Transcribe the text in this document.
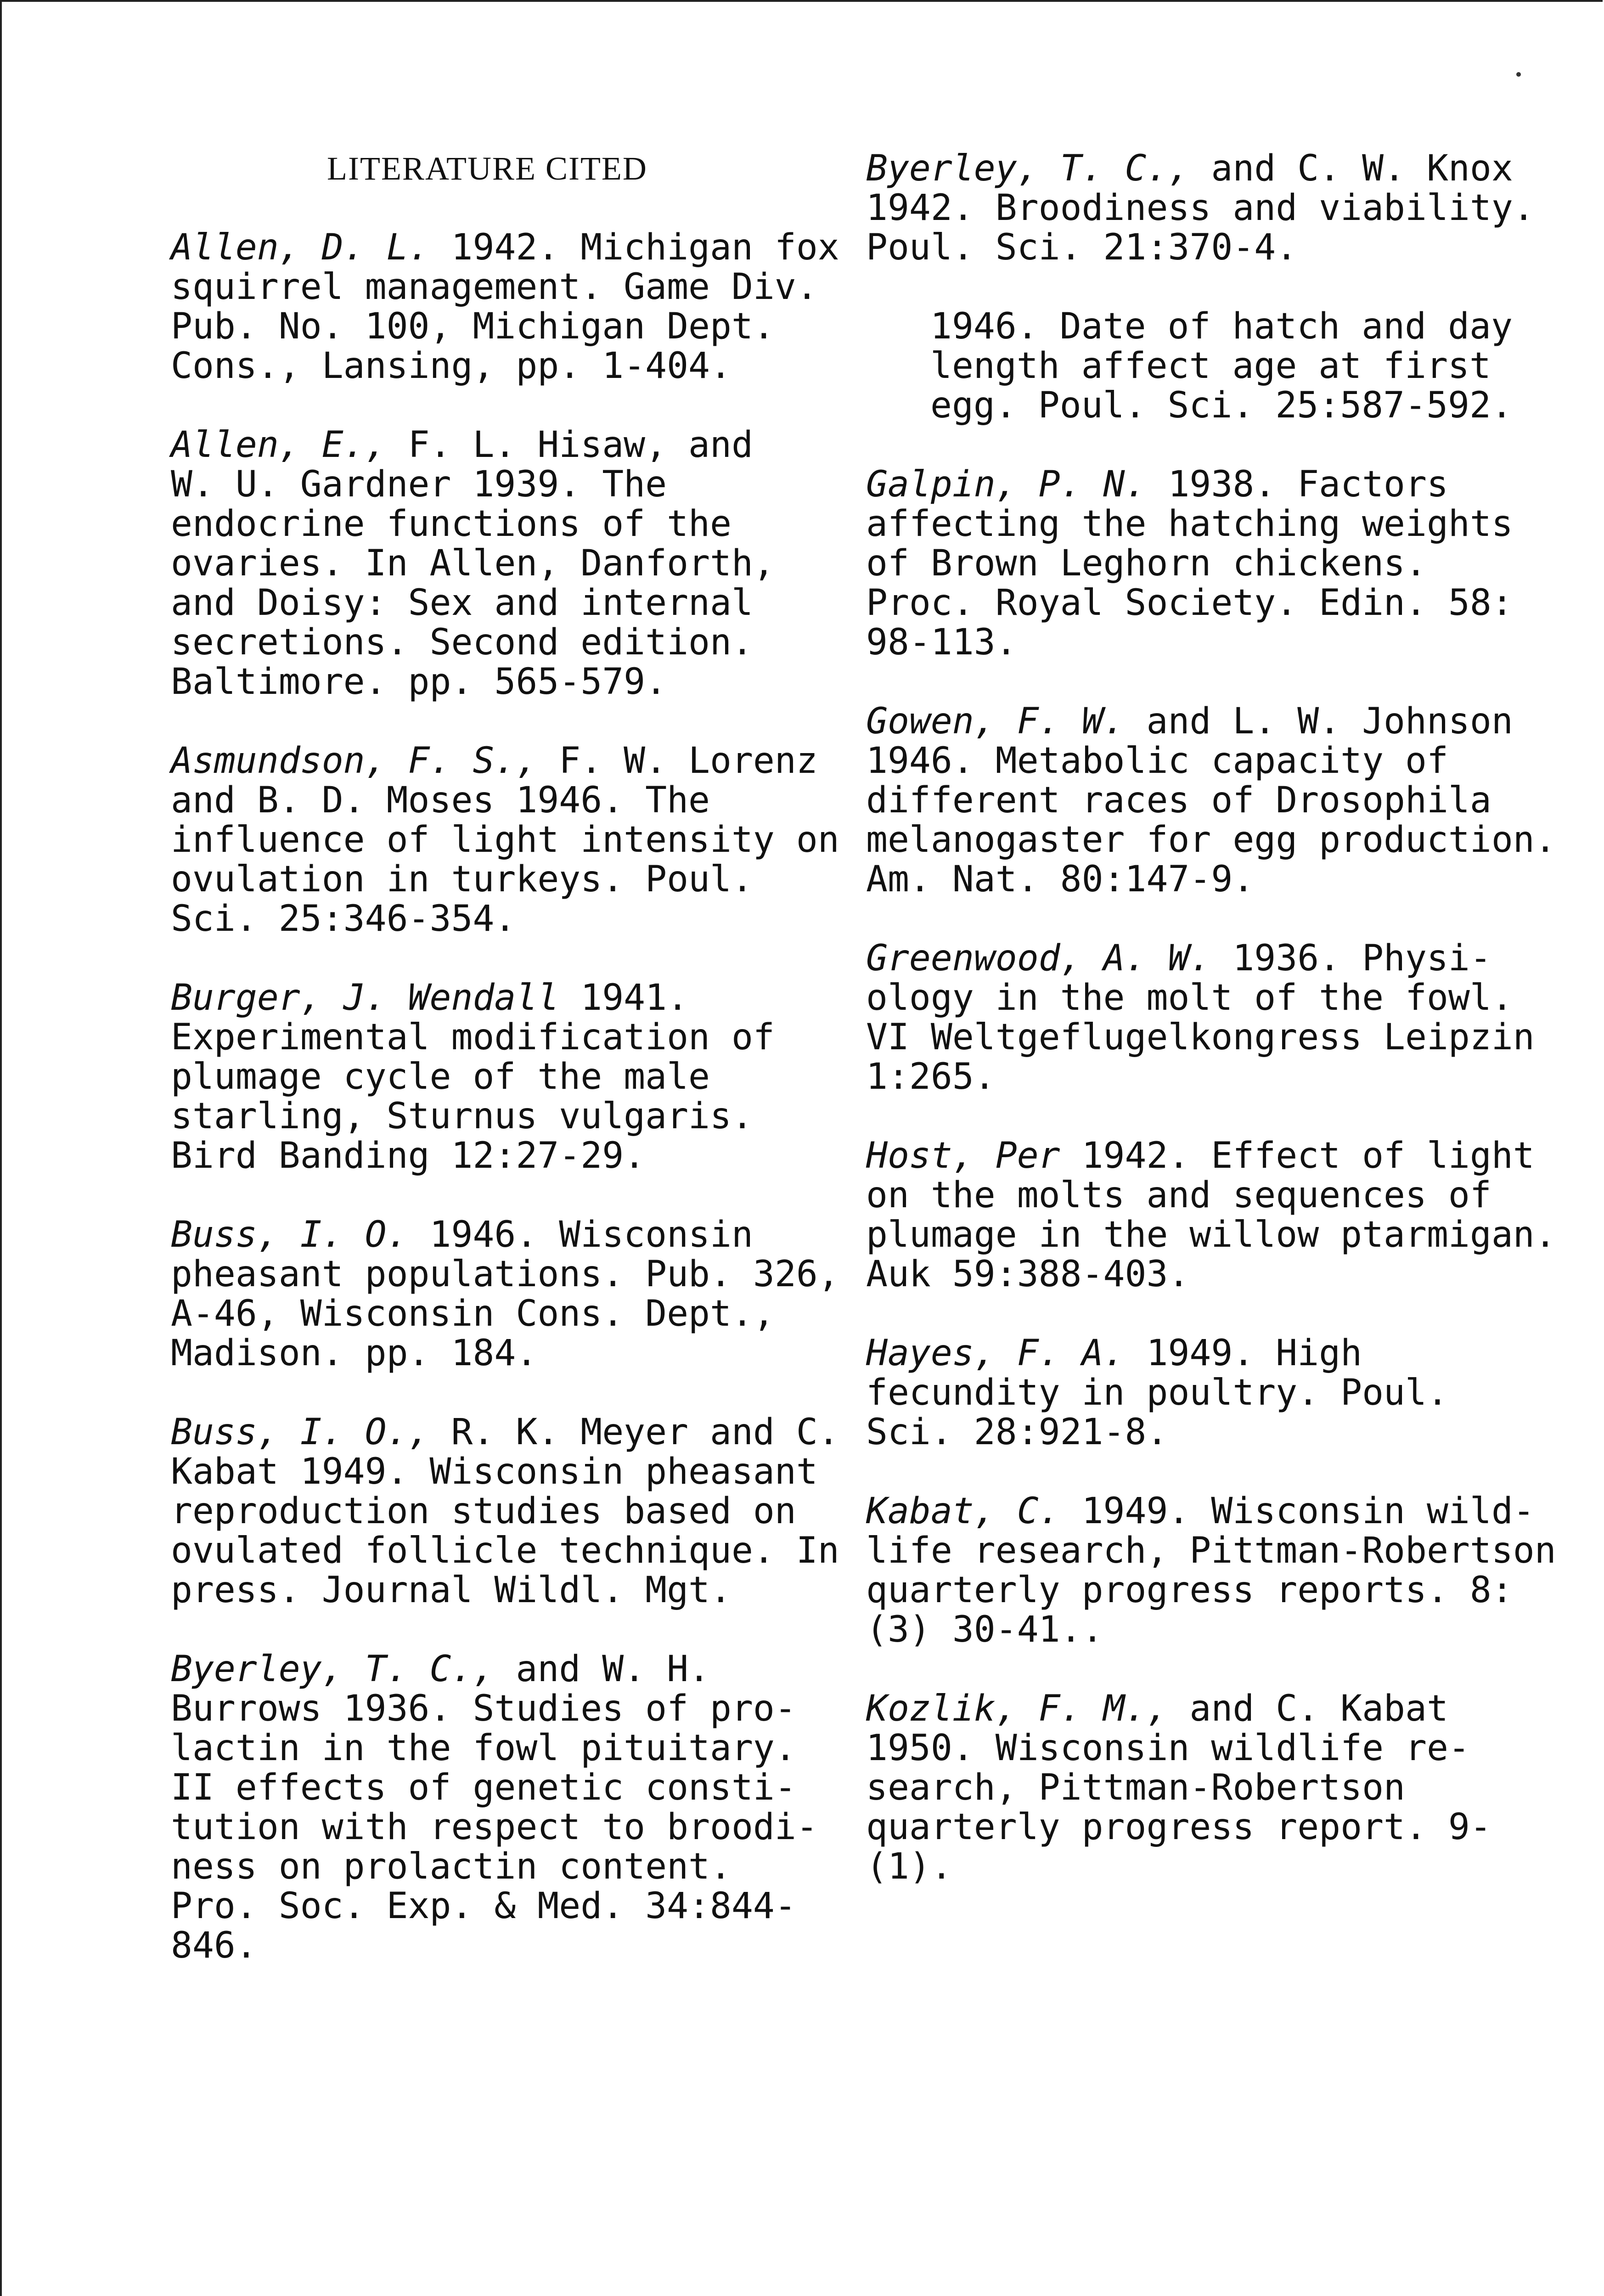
LITERATURE CITED
Allen, D. L. 1942. Michigan fox
squirrel management. Game Div.
Pub. No. 100, Michigan Dept.
Cons., Lansing, pp. 1-404.
Allen, E., F. L. Hisaw, and
W. U. Gardner 1939. The
endocrine functions of the
ovaries. In Allen, Danforth,
and Doisy: Sex and internal
secretions. Second edition.
Baltimore. pp. 565-579.
Asmundson, F. S., F. W. Lorenz
and B. D. Moses 1946. The
influence of light intensity on
ovulation in turkeys. Poul.
Sci. 25:346-354.
Burger, J. Wendall 1941.
Experimental modification of
plumage cycle of the male
starling, Sturnus vulgaris.
Bird Banding 12:27-29.
Buss, I. O. 1946. Wisconsin
pheasant populations. Pub. 326,
A-46, Wisconsin Cons. Dept.,
Madison. pp. 184.
Buss, I. O., R. K. Meyer and C.
Kabat 1949. Wisconsin pheasant
reproduction studies based on
ovulated follicle technique. In
press. Journal Wildl. Mgt.
Byerley, T. C., and W. H.
Burrows 1936. Studies of pro-
lactin in the fowl pituitary.
II effects of genetic consti-
tution with respect to broodi-
ness on prolactin content.
Pro. Soc. Exp. & Med. 34:844-
846.
Byerley, T. C., and C. W. Knox
1942. Broodiness and viability.
Poul. Sci. 21:370-4.
1946. Date of hatch and day
length affect age at first
egg. Poul. Sci. 25:587-592.
Galpin, P. N. 1938. Factors
affecting the hatching weights
of Brown Leghorn chickens.
Proc. Royal Society. Edin. 58:
98-113.
Gowen, F. W. and L. W. Johnson
1946. Metabolic capacity of
different races of Drosophila
melanogaster for egg production.
Am. Nat. 80:147-9.
Greenwood, A. W. 1936. Physi-
ology in the molt of the fowl.
VI Weltgeflugelkongress Leipzin
1:265.
Host, Per 1942. Effect of light
on the molts and sequences of
plumage in the willow ptarmigan.
Auk 59:388-403.
Hayes, F. A. 1949. High
fecundity in poultry. Poul.
Sci. 28:921-8.
Kabat, C. 1949. Wisconsin wild-
life research, Pittman-Robertson
quarterly progress reports. 8:
(3) 30-41..
Kozlik, F. M., and C. Kabat
1950. Wisconsin wildlife re-
search, Pittman-Robertson
quarterly progress report. 9-
(1).
